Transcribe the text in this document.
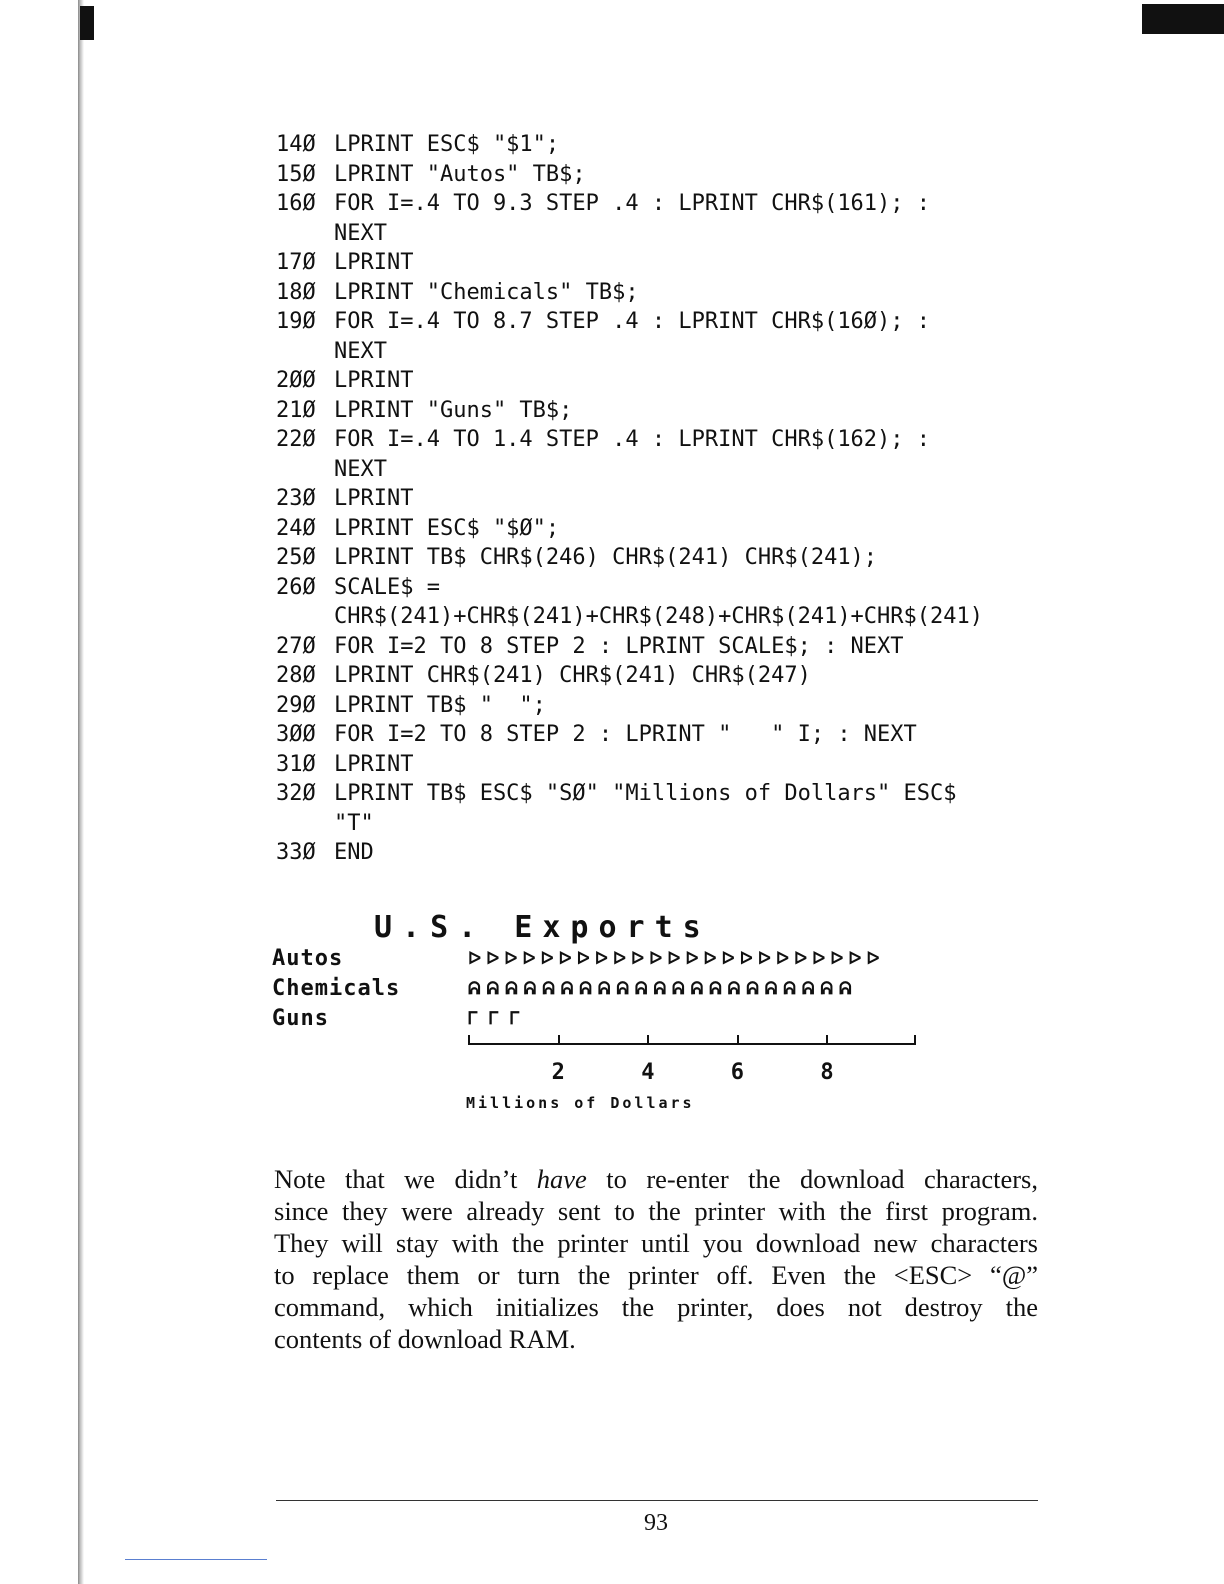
14Ø LPRINT ESC$ "$1";
15Ø LPRINT "Autos" TB$;
16Ø FOR I=.4 TO 9.3 STEP .4 : LPRINT CHR$(161); :
NEXT
17Ø LPRINT
18Ø LPRINT "Chemicals" TB$;
19Ø FOR I=.4 TO 8.7 STEP .4 : LPRINT CHR$(16Ø); :
NEXT
2ØØ LPRINT
21Ø LPRINT "Guns" TB$;
22Ø FOR I=.4 TO 1.4 STEP .4 : LPRINT CHR$(162); :
NEXT
23Ø LPRINT
24Ø LPRINT ESC$ "$Ø";
25Ø LPRINT TB$ CHR$(246) CHR$(241) CHR$(241);
26Ø SCALE$ =
CHR$(241)+CHR$(241)+CHR$(248)+CHR$(241)+CHR$(241)
27Ø FOR I=2 TO 8 STEP 2 : LPRINT SCALE$; : NEXT
28Ø LPRINT CHR$(241) CHR$(241) CHR$(247)
29Ø LPRINT TB$ "  ";
3ØØ FOR I=2 TO 8 STEP 2 : LPRINT "   " I; : NEXT
31Ø LPRINT
32Ø LPRINT TB$ ESC$ "SØ" "Millions of Dollars" ESC$
"T"
33Ø END
U.S. Exports
Millions of Dollars
Autos	ᐅ ᐅ ᐅ ᐅ ᐅ ᐅ ᐅ ᐅ ᐅ ᐅ ᐅ ᐅ ᐅ ᐅ ᐅ ᐅ ᐅ ᐅ ᐅ ᐅ ᐅ ᐅ ᐅ
Chemicals	ᕱ ᕱ ᕱ ᕱ ᕱ ᕱ ᕱ ᕱ ᕱ ᕱ ᕱ ᕱ ᕱ ᕱ ᕱ ᕱ ᕱ ᕱ ᕱ ᕱ ᕱ
Guns	Ꮁ Ꮁ Ꮁ
2	4	6	8
Note that we didn’t have to re-enter the download characters,
since they were already sent to the printer with the first program.
They will stay with the printer until you download new characters
to replace them or turn the printer off. Even the <ESC> “@”
command, which initializes the printer, does not destroy the
contents of download RAM.
93
